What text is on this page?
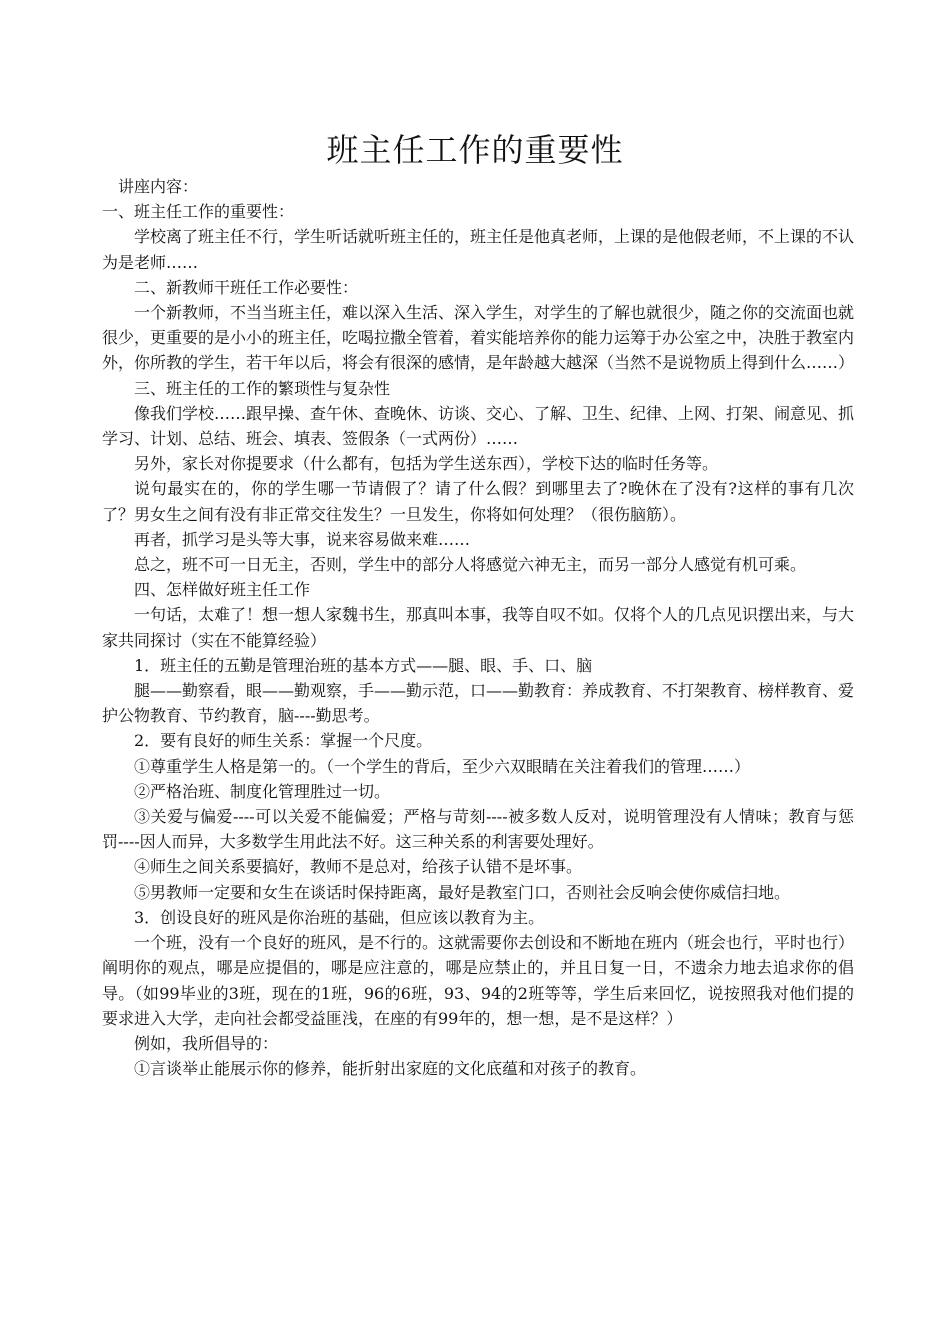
班主任工作的重要性

讲座内容：

一、班主任工作的重要性：

学校离了班主任不行，学生听话就听班主任的，班主任是他真老师，上课的是他假老师，不上课的不认为是老师……

二、新教师干班任工作必要性：

一个新教师，不当当班主任，难以深入生活、深入学生，对学生的了解也就很少，随之你的交流面也就很少，更重要的是小小的班主任，吃喝拉撒全管着，着实能培养你的能力运筹于办公室之中，决胜于教室内外，你所教的学生，若干年以后，将会有很深的感情，是年龄越大越深（当然不是说物质上得到什么……）

三、班主任的工作的繁琐性与复杂性

像我们学校……跟早操、查午休、查晚休、访谈、交心、了解、卫生、纪律、上网、打架、闹意见、抓学习、计划、总结、班会、填表、签假条（一式两份）……

另外，家长对你提要求（什么都有，包括为学生送东西），学校下达的临时任务等。

说句最实在的，你的学生哪一节请假了？请了什么假？到哪里去了?晚休在了没有?这样的事有几次了？男女生之间有没有非正常交往发生？一旦发生，你将如何处理？（很伤脑筋）。

再者，抓学习是头等大事，说来容易做来难……

总之，班不可一日无主，否则，学生中的部分人将感觉六神无主，而另一部分人感觉有机可乘。

四、怎样做好班主任工作

一句话，太难了！想一想人家魏书生，那真叫本事，我等自叹不如。仅将个人的几点见识摆出来，与大家共同探讨（实在不能算经验）

1．班主任的五勤是管理治班的基本方式——腿、眼、手、口、脑

腿——勤察看，眼——勤观察，手——勤示范，口——勤教育：养成教育、不打架教育、榜样教育、爱护公物教育、节约教育，脑----勤思考。

2．要有良好的师生关系：掌握一个尺度。

①尊重学生人格是第一的。（一个学生的背后，至少六双眼睛在关注着我们的管理……）

②严格治班、制度化管理胜过一切。

③关爱与偏爱----可以关爱不能偏爱；严格与苛刻----被多数人反对，说明管理没有人情味；教育与惩罚----因人而异，大多数学生用此法不好。这三种关系的利害要处理好。

④师生之间关系要搞好，教师不是总对，给孩子认错不是坏事。

⑤男教师一定要和女生在谈话时保持距离，最好是教室门口，否则社会反响会使你威信扫地。

3．创设良好的班风是你治班的基础，但应该以教育为主。

一个班，没有一个良好的班风，是不行的。这就需要你去创设和不断地在班内（班会也行，平时也行）阐明你的观点，哪是应提倡的，哪是应注意的，哪是应禁止的，并且日复一日，不遗余力地去追求你的倡导。（如99毕业的3班，现在的1班，96的6班，93、94的2班等等，学生后来回忆，说按照我对他们提的要求进入大学，走向社会都受益匪浅，在座的有99年的，想一想，是不是这样？）

例如，我所倡导的：

①言谈举止能展示你的修养，能折射出家庭的文化底蕴和对孩子的教育。
